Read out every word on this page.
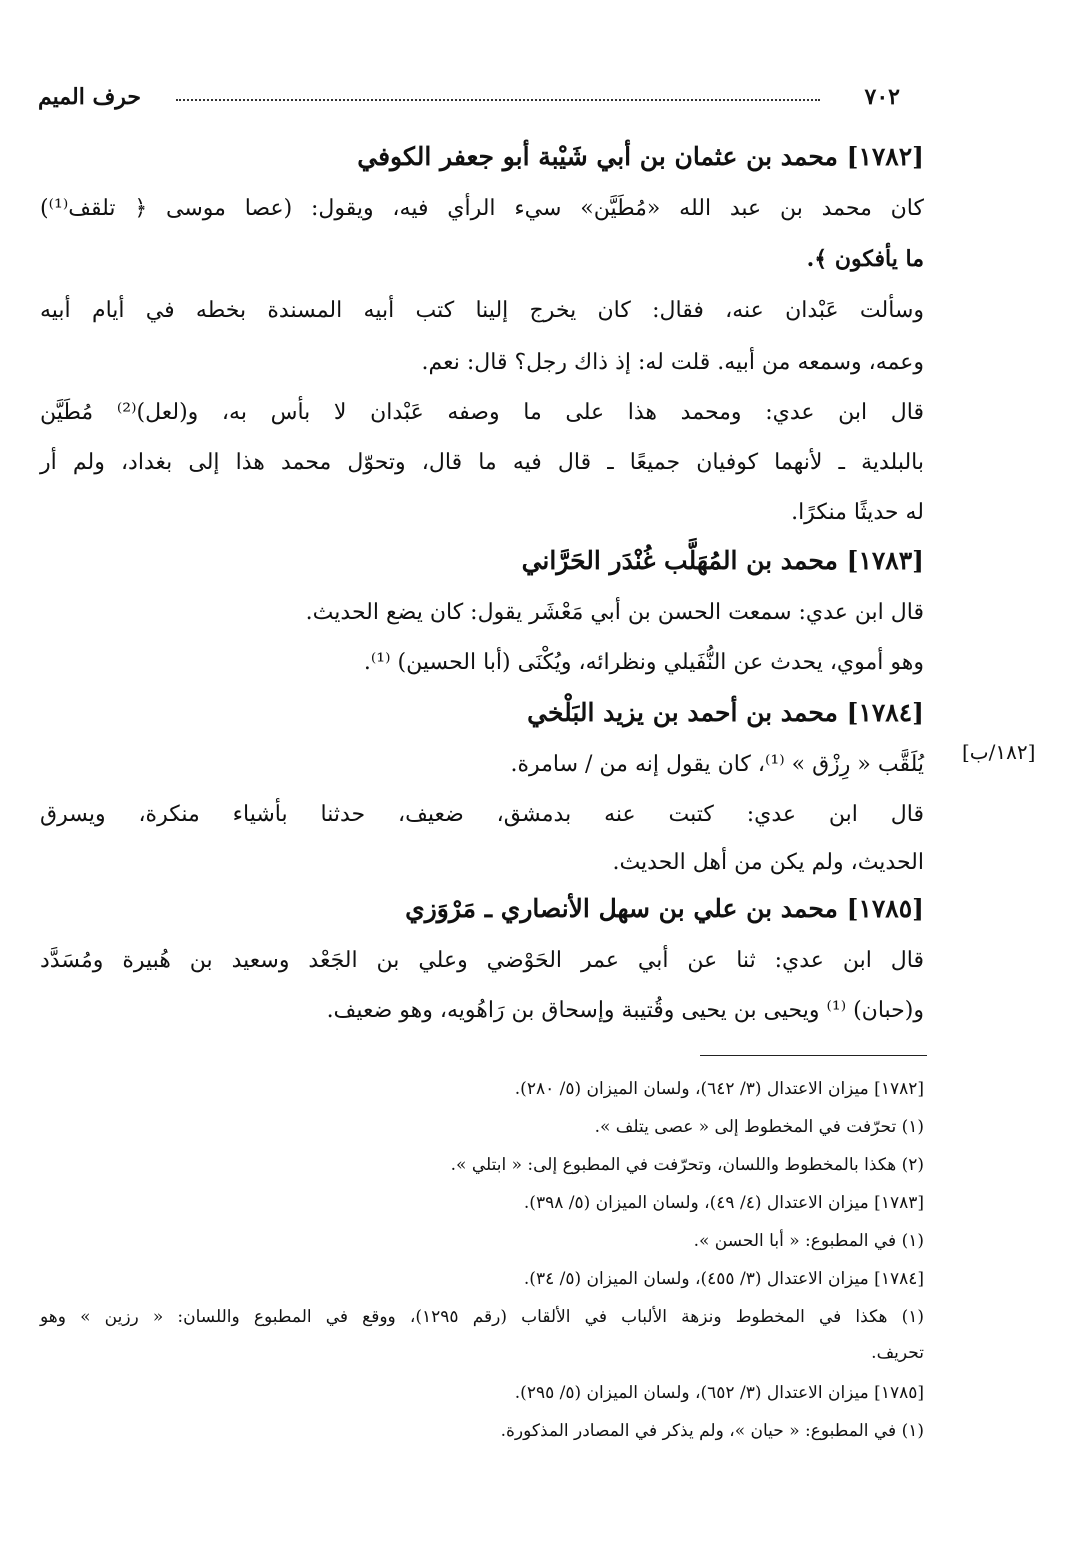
٧٠٢
حرف الميم
[١٨٢/ب]
[١٧٨٢] محمد بن عثمان بن أبي شَيْبة أبو جعفر الكوفي
كان محمد بن عبد الله «مُطَيَّن» سيء الرأي فيه، ويقول: (عصا موسى ﴿ تلقف⁽¹⁾)
ما يأفكون ﴾.
وسألت عَبْدان عنه، فقال: كان يخرج إلينا كتب أبيه المسندة بخطه في أيام أبيه
وعمه، وسمعه من أبيه. قلت له: إذ ذاك رجل؟ قال: نعم.
قال ابن عدي: ومحمد هذا على ما وصفه عَبْدان لا بأس به، و(لعل)⁽²⁾ مُطَيَّن
بالبلدية ـ لأنهما كوفيان جميعًا ـ قال فيه ما قال، وتحوّل محمد هذا إلى بغداد، ولم أر
له حديثًا منكرًا.
[١٧٨٣] محمد بن المُهَلَّب غُنْدَر الحَرَّاني
قال ابن عدي: سمعت الحسن بن أبي مَعْشَر يقول: كان يضع الحديث.
وهو أموي، يحدث عن النُّفَيلي ونظرائه، ويُكْنَى (أبا الحسين) ⁽¹⁾.
[١٧٨٤] محمد بن أحمد بن يزيد البَلْخي
يُلَقَّب « رِزْق » ⁽¹⁾، كان يقول إنه من / سامرة.
قال ابن عدي: كتبت عنه بدمشق، ضعيف، حدثنا بأشياء منكرة، ويسرق
الحديث، ولم يكن من أهل الحديث.
[١٧٨٥] محمد بن علي بن سهل الأنصاري ـ مَرْوَزي
قال ابن عدي: ثنا عن أبي عمر الحَوْضي وعلي بن الجَعْد وسعيد بن هُبيرة ومُسَدَّد
و(حبان) ⁽¹⁾ ويحيى بن يحيى وقُتيبة وإسحاق بن رَاهُويه، وهو ضعيف.
[١٧٨٢] ميزان الاعتدال (٣/ ٦٤٢)، ولسان الميزان (٥/ ٢٨٠).
(١) تحرّفت في المخطوط إلى « عصى يتلف ».
(٢) هكذا بالمخطوط واللسان، وتحرّفت في المطبوع إلى: « ابتلي ».
[١٧٨٣] ميزان الاعتدال (٤/ ٤٩)، ولسان الميزان (٥/ ٣٩٨).
(١) في المطبوع: « أبا الحسن ».
[١٧٨٤] ميزان الاعتدال (٣/ ٤٥٥)، ولسان الميزان (٥/ ٣٤).
(١) هكذا في المخطوط ونزهة الألباب في الألقاب (رقم ١٢٩٥)، ووقع في المطبوع واللسان: « رزين » وهو
تحريف.
[١٧٨٥] ميزان الاعتدال (٣/ ٦٥٢)، ولسان الميزان (٥/ ٢٩٥).
(١) في المطبوع: « حيان »، ولم يذكر في المصادر المذكورة.
